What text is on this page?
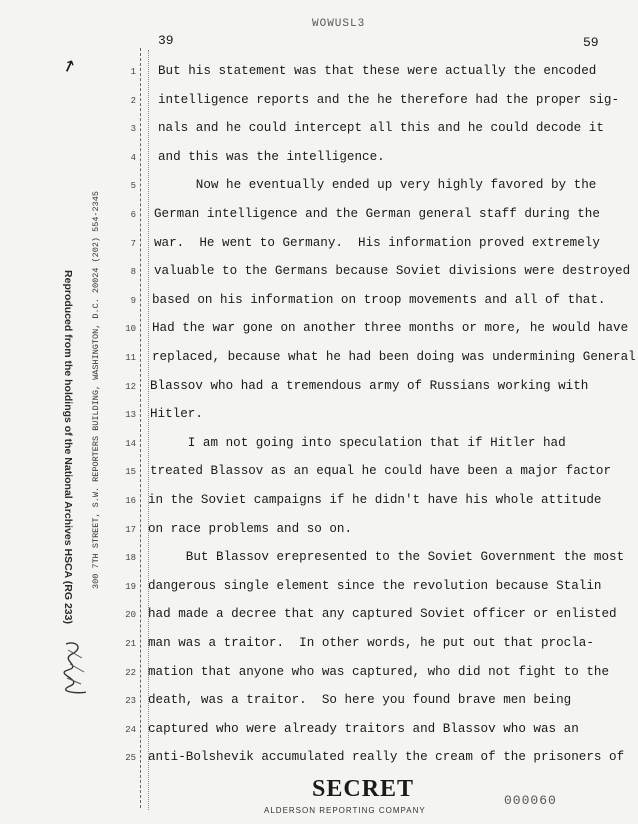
WOWUSL3
39	59
↗
Reproduced from the holdings of the National Archives HSCA (RG 233) 300 7TH STREET, S.W. REPORTERS BUILDING, WASHINGTON, D.C. 20024 (202) 554-2345
1
2
3
4
5
6
7
8
9
10
11
12
13
14
15
16
17
18
19
20
21
22
23
24
25
But his statement was that these were actually the encoded
intelligence reports and the he therefore had the proper sig-
nals and he could intercept all this and he could decode it
and this was the intelligence.
Now he eventually ended up very highly favored by the
German intelligence and the German general staff during the
war.  He went to Germany.  His information proved extremely
valuable to the Germans because Soviet divisions were destroyed
based on his information on troop movements and all of that.
Had the war gone on another three months or more, he would have
replaced, because what he had been doing was undermining General
Blassov who had a tremendous army of Russians working with
Hitler.
I am not going into speculation that if Hitler had
treated Blassov as an equal he could have been a major factor
in the Soviet campaigns if he didn't have his whole attitude
on race problems and so on.
But Blassov erepresented to the Soviet Government the most
dangerous single element since the revolution because Stalin
had made a decree that any captured Soviet officer or enlisted
man was a traitor.  In other words, he put out that procla-
mation that anyone who was captured, who did not fight to the
death, was a traitor.  So here you found brave men being
captured who were already traitors and Blassov who was an
anti-Bolshevik accumulated really the cream of the prisoners of
SECRET
ALDERSON REPORTING COMPANY
000060
